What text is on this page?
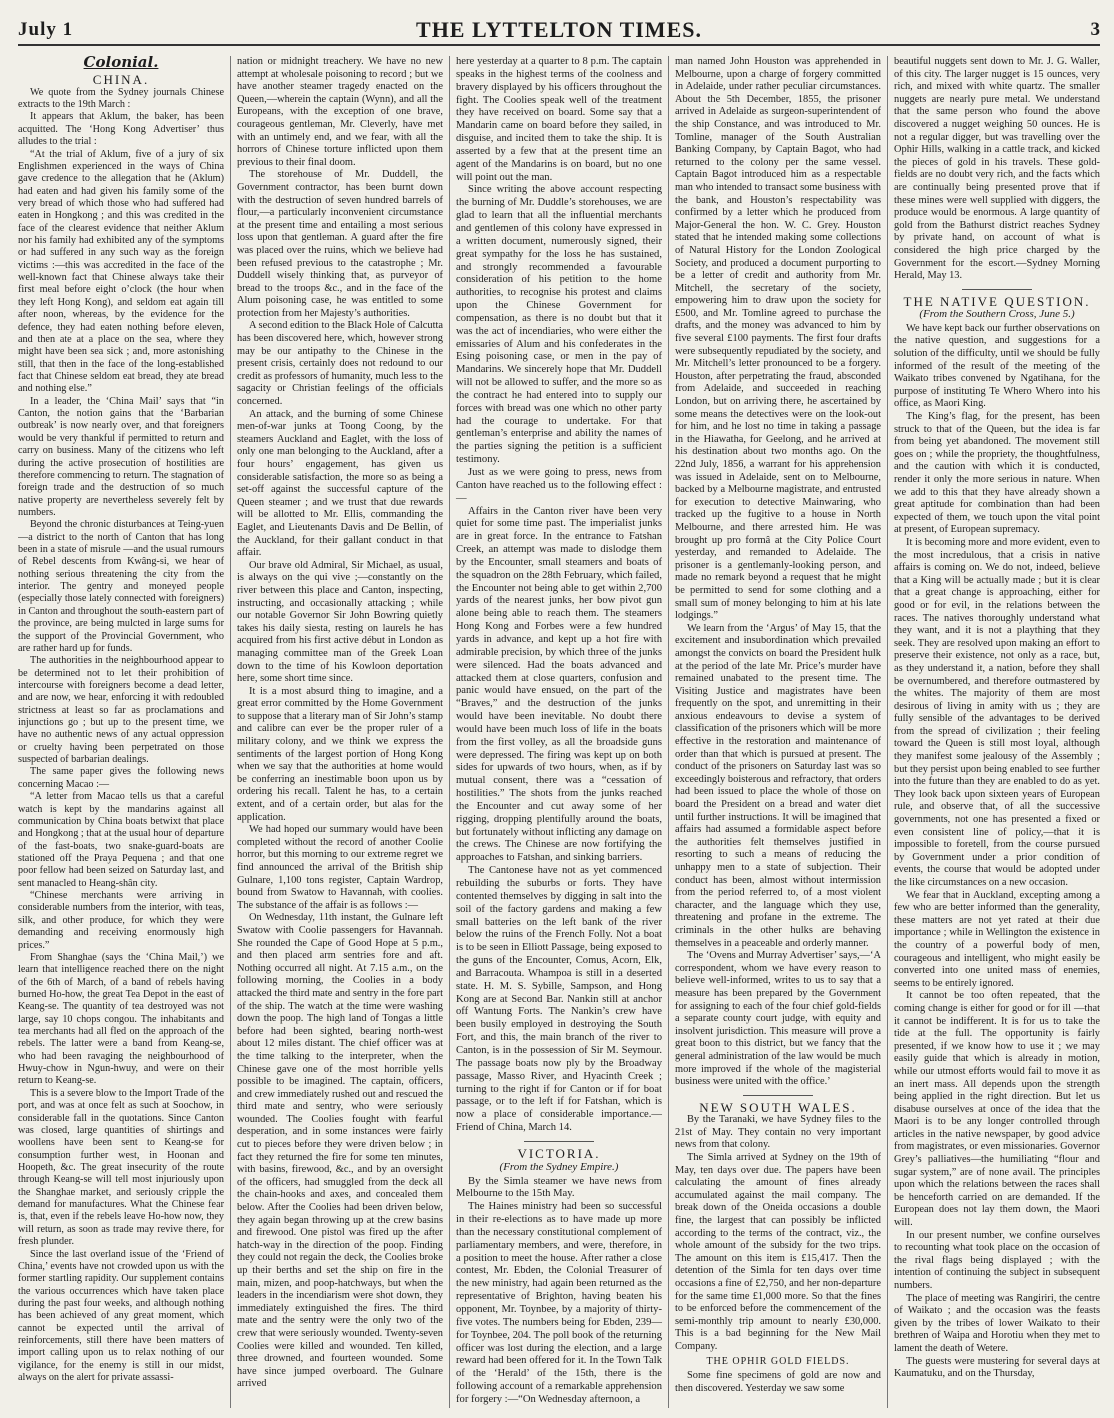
July 1	THE LYTTELTON TIMES.	3
Colonial.
CHINA.

We quote from the Sydney journals Chinese extracts to the 19th March :

It appears that Aklum, the baker, has been acquitted. The ‘Hong Kong Advertiser’ thus alludes to the trial :

“At the trial of Aklum, five of a jury of six Englishmen experienced in the ways of China gave credence to the allegation that he (Aklum) had eaten and had given his family some of the very bread of which those who had suffered had eaten in Hongkong ; and this was credited in the face of the clearest evidence that neither Aklum nor his family had exhibited any of the symptoms or had suffered in any such way as the foreign victims :—this was accredited in the face of the well-known fact that Chinese always take their first meal before eight o’clock (the hour when they left Hong Kong), and seldom eat again till after noon, whereas, by the evidence for the defence, they had eaten nothing before eleven, and then ate at a place on the sea, where they might have been sea sick ; and, more astonishing still, that then in the face of the long-established fact that Chinese seldom eat bread, they ate bread and nothing else.”

In a leader, the ‘China Mail’ says that “in Canton, the notion gains that the ‘Barbarian outbreak’ is now nearly over, and that foreigners would be very thankful if permitted to return and carry on business. Many of the citizens who left during the active prosecution of hostilities are therefore commencing to return. The stagnation of foreign trade and the destruction of so much native property are nevertheless severely felt by numbers.

Beyond the chronic disturbances at Teing-yuen—a district to the north of Canton that has long been in a state of misrule —and the usual rumours of Rebel descents from Kwâng-si, we hear of nothing serious threatening the city from the interior. The gentry and moneyed people (especially those lately connected with foreigners) in Canton and throughout the south-eastern part of the province, are being mulcted in large sums for the support of the Provincial Government, who are rather hard up for funds.

The authorities in the neighbourhood appear to be determined not to let their prohibition of intercourse with foreigners become a dead letter, and are now, we hear, enforcing it with redoubled strictness at least so far as proclamations and injunctions go ; but up to the present time, we have no authentic news of any actual oppression or cruelty having been perpetrated on those suspected of barbarian dealings.

The same paper gives the following news concerning Macao :—

“A letter from Macao tells us that a careful watch is kept by the mandarins against all communication by China boats betwixt that place and Hongkong ; that at the usual hour of departure of the fast-boats, two snake-guard-boats are stationed off the Praya Pequena ; and that one poor fellow had been seized on Saturday last, and sent manacled to Heang-shân city.

“Chinese merchants were arriving in considerable numbers from the interior, with teas, silk, and other produce, for which they were demanding and receiving enormously high prices.”

From Shanghae (says the ‘China Mail,’) we learn that intelligence reached there on the night of the 6th of March, of a band of rebels having burned Ho-how, the great Tea Depot in the east of Keang-se. The quantity of tea destroyed was not large, say 10 chops congou. The inhabitants and tea merchants had all fled on the approach of the rebels. The latter were a band from Keang-se, who had been ravaging the neighbourhood of Hwuy-chow in Ngun-hwuy, and were on their return to Keang-se.

This is a severe blow to the Import Trade of the port, and was at once felt as such at Soochow, in considerable fall in the quotations. Since Canton was closed, large quantities of shirtings and woollens have been sent to Keang-se for consumption further west, in Hoonan and Hoopeth, &c. The great insecurity of the route through Keang-se will tell most injuriously upon the Shanghae market, and seriously cripple the demand for manufactures. What the Chinese fear is, that, even if the rebels leave Ho-how now, they will return, as soon as trade may revive there, for fresh plunder.

Since the last overland issue of the ‘Friend of China,’ events have not crowded upon us with the former startling rapidity. Our supplement contains the various occurrences which have taken place during the past four weeks, and although nothing has been achieved of any great moment, which cannot be expected until the arrival of reinforcements, still there have been matters of import calling upon us to relax nothing of our vigilance, for the enemy is still in our midst, always on the alert for private assassi-

nation or midnight treachery. We have no new attempt at wholesale poisoning to record ; but we have another steamer tragedy enacted on the Queen,—wherein the captain (Wynn), and all the Europeans, with the exception of one brave, courageous gentleman, Mr. Cleverly, have met with an untimely end, and we fear, with all the horrors of Chinese torture inflicted upon them previous to their final doom.

The storehouse of Mr. Duddell, the Government contractor, has been burnt down with the destruction of seven hundred barrels of flour,—a particularly inconvenient circumstance at the present time and entailing a most serious loss upon that gentleman. A guard after the fire was placed over the ruins, which we believe had been refused previous to the catastrophe ; Mr. Duddell wisely thinking that, as purveyor of bread to the troops &c., and in the face of the Alum poisoning case, he was entitled to some protection from her Majesty’s authorities.

A second edition to the Black Hole of Calcutta has been discovered here, which, however strong may be our antipathy to the Chinese in the present crisis, certainly does not redound to our credit as professors of humanity, much less to the sagacity or Christian feelings of the officials concerned.

An attack, and the burning of some Chinese men-of-war junks at Toong Coong, by the steamers Auckland and Eaglet, with the loss of only one man belonging to the Auckland, after a four hours’ engagement, has given us considerable satisfaction, the more so as being a set-off against the successful capture of the Queen steamer ; and we trust that due rewards will be allotted to Mr. Ellis, commanding the Eaglet, and Lieutenants Davis and De Bellin, of the Auckland, for their gallant conduct in that affair.

Our brave old Admiral, Sir Michael, as usual, is always on the qui vive ;—constantly on the river between this place and Canton, inspecting, instructing, and occasionally attacking ; while our notable Governor Sir John Bowring quietly takes his daily siesta, resting on laurels he has acquired from his first active début in London as managing committee man of the Greek Loan down to the time of his Kowloon deportation here, some short time since.

It is a most absurd thing to imagine, and a great error committed by the Home Government to suppose that a literary man of Sir John’s stamp and calibre can ever be the proper ruler of a military colony, and we think we express the sentiments of the largest portion of Hong Kong when we say that the authorities at home would be conferring an inestimable boon upon us by ordering his recall. Talent he has, to a certain extent, and of a certain order, but alas for the application.

We had hoped our summary would have been completed without the record of another Coolie horror, but this morning to our extreme regret we find announced the arrival of the British ship Gulnare, 1,100 tons register, Captain Wardrop, bound from Swatow to Havannah, with coolies. The substance of the affair is as follows :—

On Wednesday, 11th instant, the Gulnare left Swatow with Coolie passengers for Havannah. She rounded the Cape of Good Hope at 5 p.m., and then placed arm sentries fore and aft. Nothing occurred all night. At 7.15 a.m., on the following morning, the Coolies in a body attacked the third mate and sentry in the fore part of the ship. The watch at the time were washing down the poop. The high land of Tongas a little before had been sighted, bearing north-west about 12 miles distant. The chief officer was at the time talking to the interpreter, when the Chinese gave one of the most horrible yells possible to be imagined. The captain, officers, and crew immediately rushed out and rescued the third mate and sentry, who were seriously wounded. The Coolies fought with fearful desperation, and in some instances were fairly cut to pieces before they were driven below ; in fact they returned the fire for some ten minutes, with basins, firewood, &c., and by an oversight of the officers, had smuggled from the deck all the chain-hooks and axes, and concealed them below. After the Coolies had been driven below, they again began throwing up at the crew basins and firewood. One pistol was fired up the after hatch-way in the direction of the poop. Finding they could not regain the deck, the Coolies broke up their berths and set the ship on fire in the main, mizen, and poop-hatchways, but when the leaders in the incendiarism were shot down, they immediately extinguished the fires. The third mate and the sentry were the only two of the crew that were seriously wounded. Twenty-seven Coolies were killed and wounded. Ten killed, three drowned, and fourteen wounded. Some have since jumped overboard. The Gulnare arrived

here yesterday at a quarter to 8 p.m. The captain speaks in the highest terms of the coolness and bravery displayed by his officers throughout the fight. The Coolies speak well of the treatment they have received on board. Some say that a Mandarin came on board before they sailed, in disguise, and incited them to take the ship. It is asserted by a few that at the present time an agent of the Mandarins is on board, but no one will point out the man.

Since writing the above account respecting the burning of Mr. Duddle’s storehouses, we are glad to learn that all the influential merchants and gentlemen of this colony have expressed in a written document, numerously signed, their great sympathy for the loss he has sustained, and strongly recommended a favourable consideration of his petition to the home authorities, to recognise his protest and claims upon the Chinese Government for compensation, as there is no doubt but that it was the act of incendiaries, who were either the emissaries of Alum and his confederates in the Esing poisoning case, or men in the pay of Mandarins. We sincerely hope that Mr. Duddell will not be allowed to suffer, and the more so as the contract he had entered into to supply our forces with bread was one which no other party had the courage to undertake. For that gentleman’s enterprise and ability the names of the parties signing the petition is a sufficient testimony.

Just as we were going to press, news from Canton have reached us to the following effect :—

Affairs in the Canton river have been very quiet for some time past. The imperialist junks are in great force. In the entrance to Fatshan Creek, an attempt was made to dislodge them by the Encounter, small steamers and boats of the squadron on the 28th February, which failed, the Encounter not being able to get within 2,700 yards of the nearest junks, her bow pivot gun alone being able to reach them. The steamers Hong Kong and Forbes were a few hundred yards in advance, and kept up a hot fire with admirable precision, by which three of the junks were silenced. Had the boats advanced and attacked them at close quarters, confusion and panic would have ensued, on the part of the “Braves,” and the destruction of the junks would have been inevitable. No doubt there would have been much loss of life in the boats from the first volley, as all the broadside guns were depressed. The firing was kept up on both sides for upwards of two hours, when, as if by mutual consent, there was a “cessation of hostilities.” The shots from the junks reached the Encounter and cut away some of her rigging, dropping plentifully around the boats, but fortunately without inflicting any damage on the crews. The Chinese are now fortifying the approaches to Fatshan, and sinking barriers.

The Cantonese have not as yet commenced rebuilding the suburbs or forts. They have contented themselves by digging in salt into the soil of the factory gardens and making a few small batteries on the left bank of the river below the ruins of the French Folly. Not a boat is to be seen in Elliott Passage, being exposed to the guns of the Encounter, Comus, Acorn, Elk, and Barracouta. Whampoa is still in a deserted state. H. M. S. Sybille, Sampson, and Hong Kong are at Second Bar. Nankin still at anchor off Wantung Forts. The Nankin’s crew have been busily employed in destroying the South Fort, and this, the main branch of the river to Canton, is in the possession of Sir M. Seymour. The passage boats now ply by the Broadway passage, Masso River, and Hyacinth Creek ; turning to the right if for Canton or if for boat passage, or to the left if for Fatshan, which is now a place of considerable importance.—Friend of China, March 14.

VICTORIA.
(From the Sydney Empire.)

By the Simla steamer we have news from Melbourne to the 15th May.

The Haines ministry had been so successful in their re-elections as to have made up more than the necessary constitutional complement of parliamentary members, and were, therefore, in a position to meet the house. After rather a close contest, Mr. Ebden, the Colonial Treasurer of the new ministry, had again been returned as the representative of Brighton, having beaten his opponent, Mr. Toynbee, by a majority of thirty-five votes. The numbers being for Ebden, 239—for Toynbee, 204. The poll book of the returning officer was lost during the election, and a large reward had been offered for it. In the Town Talk of the ‘Herald’ of the 15th, there is the following account of a remarkable apprehension for forgery :—“On Wednesday afternoon, a

man named John Houston was apprehended in Melbourne, upon a charge of forgery committed in Adelaide, under rather peculiar circumstances. About the 5th December, 1855, the prisoner arrived in Adelaide as surgeon-superintendent of the ship Constance, and was introduced to Mr. Tomline, manager of the South Australian Banking Company, by Captain Bagot, who had returned to the colony per the same vessel. Captain Bagot introduced him as a respectable man who intended to transact some business with the bank, and Houston’s respectability was confirmed by a letter which he produced from Major-General the hon. W. C. Grey. Houston stated that he intended making some collections of Natural History for the London Zoological Society, and produced a document purporting to be a letter of credit and authority from Mr. Mitchell, the secretary of the society, empowering him to draw upon the society for £500, and Mr. Tomline agreed to purchase the drafts, and the money was advanced to him by five several £100 payments. The first four drafts were subsequently repudiated by the society, and Mr. Mitchell’s letter pronounced to be a forgery. Houston, after perpetrating the fraud, absconded from Adelaide, and succeeded in reaching London, but on arriving there, he ascertained by some means the detectives were on the look-out for him, and he lost no time in taking a passage in the Hiawatha, for Geelong, and he arrived at his destination about two months ago. On the 22nd July, 1856, a warrant for his apprehension was issued in Adelaide, sent on to Melbourne, backed by a Melbourne magistrate, and entrusted for execution to detective Mainwaring, who tracked up the fugitive to a house in North Melbourne, and there arrested him. He was brought up pro formâ at the City Police Court yesterday, and remanded to Adelaide. The prisoner is a gentlemanly-looking person, and made no remark beyond a request that he might be permitted to send for some clothing and a small sum of money belonging to him at his late lodgings.”

We learn from the ‘Argus’ of May 15, that the excitement and insubordination which prevailed amongst the convicts on board the President hulk at the period of the late Mr. Price’s murder have remained unabated to the present time. The Visiting Justice and magistrates have been frequently on the spot, and unremitting in their anxious endeavours to devise a system of classification of the prisoners which will be more effective in the restoration and maintenance of order than that which is pursued at present. The conduct of the prisoners on Saturday last was so exceedingly boisterous and refractory, that orders had been issued to place the whole of those on board the President on a bread and water diet until further instructions. It will be imagined that affairs had assumed a formidable aspect before the authorities felt themselves justified in resorting to such a means of reducing the unhappy men to a state of subjection. Their conduct has been, almost without intermission from the period referred to, of a most violent character, and the language which they use, threatening and profane in the extreme. The criminals in the other hulks are behaving themselves in a peaceable and orderly manner.

The ‘Ovens and Murray Advertiser’ says,—‘A correspondent, whom we have every reason to believe well-informed, writes to us to say that a measure has been prepared by the Government for assigning to each of the four chief gold-fields a separate county court judge, with equity and insolvent jurisdiction. This measure will prove a great boon to this district, but we fancy that the general administration of the law would be much more improved if the whole of the magisterial business were united with the office.’

NEW SOUTH WALES.

By the Taranaki, we have Sydney files to the 21st of May. They contain no very important news from that colony.

The Simla arrived at Sydney on the 19th of May, ten days over due. The papers have been calculating the amount of fines already accumulated against the mail company. The break down of the Oneida occasions a double fine, the largest that can possibly be inflicted according to the terms of the contract, viz., the whole amount of the subsidy for the two trips. The amount on this item is £15,417. Then the detention of the Simla for ten days over time occasions a fine of £2,750, and her non-departure for the same time £1,000 more. So that the fines to be enforced before the commencement of the semi-monthly trip amount to nearly £30,000. This is a bad beginning for the New Mail Company.

THE OPHIR GOLD FIELDS.

Some fine specimens of gold are now and then discovered. Yesterday we saw some

beautiful nuggets sent down to Mr. J. G. Waller, of this city. The larger nugget is 15 ounces, very rich, and mixed with white quartz. The smaller nuggets are nearly pure metal. We understand that the same person who found the above discovered a nugget weighing 50 ounces. He is not a regular digger, but was travelling over the Ophir Hills, walking in a cattle track, and kicked the pieces of gold in his travels. These gold-fields are no doubt very rich, and the facts which are continually being presented prove that if these mines were well supplied with diggers, the produce would be enormous. A large quantity of gold from the Bathurst district reaches Sydney by private hand, on account of what is considered the high price charged by the Government for the escort.—Sydney Morning Herald, May 13.

THE NATIVE QUESTION.
(From the Southern Cross, June 5.)

We have kept back our further observations on the native question, and suggestions for a solution of the difficulty, until we should be fully informed of the result of the meeting of the Waikato tribes convened by Ngatihana, for the purpose of instituting Te Whero Whero into his office, as Maori King.

The King’s flag, for the present, has been struck to that of the Queen, but the idea is far from being yet abandoned. The movement still goes on ; while the propriety, the thoughtfulness, and the caution with which it is conducted, render it only the more serious in nature. When we add to this that they have already shown a great aptitude for combination than had been expected of them, we touch upon the vital point at present, of European supremacy.

It is becoming more and more evident, even to the most incredulous, that a crisis in native affairs is coming on. We do not, indeed, believe that a King will be actually made ; but it is clear that a great change is approaching, either for good or for evil, in the relations between the races. The natives thoroughly understand what they want, and it is not a plaything that they seek. They are resolved upon making an effort to preserve their existence, not only as a race, but, as they understand it, a nation, before they shall be overnumbered, and therefore outmastered by the whites. The majority of them are most desirous of living in amity with us ; they are fully sensible of the advantages to be derived from the spread of civilization ; their feeling toward the Queen is still most loyal, although they manifest some jealousy of the Assembly ; but they persist upon being enabled to see further into the future than they are enabled to do as yet. They look back upon sixteen years of European rule, and observe that, of all the successive governments, not one has presented a fixed or even consistent line of policy,—that it is impossible to foretell, from the course pursued by Government under a prior condition of events, the course that would be adopted under the like circumstances on a new occasion.

We fear that in Auckland, excepting among a few who are better informed than the generality, these matters are not yet rated at their due importance ; while in Wellington the existence in the country of a powerful body of men, courageous and intelligent, who might easily be converted into one united mass of enemies, seems to be entirely ignored.

It cannot be too often repeated, that the coming change is either for good or for ill —that it cannot be indifferent. It is for us to take the tide at the full. The opportunity is fairly presented, if we know how to use it ; we may easily guide that which is already in motion, while our utmost efforts would fail to move it as an inert mass. All depends upon the strength being applied in the right direction. But let us disabuse ourselves at once of the idea that the Maori is to be any longer controlled through articles in the native newspaper, by good advice from magistrates, or even missionaries. Governor Grey’s palliatives—the humiliating “flour and sugar system,” are of none avail. The principles upon which the relations between the races shall be henceforth carried on are demanded. If the European does not lay them down, the Maori will.

In our present number, we confine ourselves to recounting what took place on the occasion of the rival flags being displayed ; with the intention of continuing the subject in subsequent numbers.

The place of meeting was Rangiriri, the centre of Waikato ; and the occasion was the feasts given by the tribes of lower Waikato to their brethren of Waipa and Horotiu when they met to lament the death of Wetere.

The guests were mustering for several days at Kaumatuku, and on the Thursday,
